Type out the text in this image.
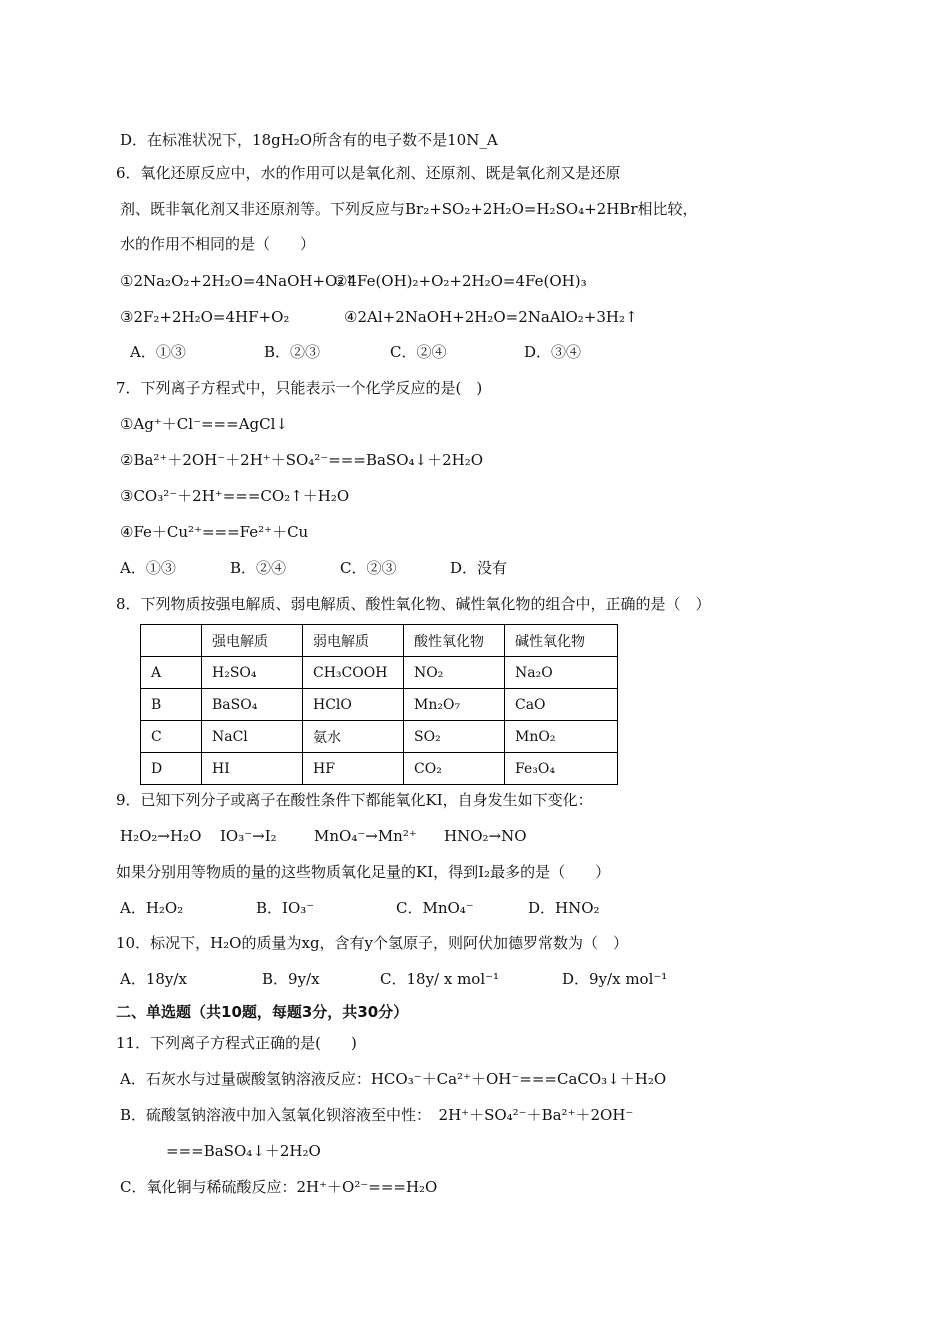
D．在标准状况下，18gH₂O所含有的电子数不是10N_A
6．氧化还原反应中，水的作用可以是氧化剂、还原剂、既是氧化剂又是还原
剂、既非氧化剂又非还原剂等。下列反应与Br₂+SO₂+2H₂O=H₂SO₄+2HBr相比较，
水的作用不相同的是（　　）
①2Na₂O₂+2H₂O=4NaOH+O₂↑
②4Fe(OH)₂+O₂+2H₂O=4Fe(OH)₃
③2F₂+2H₂O=4HF+O₂	④2Al+2NaOH+2H₂O=2NaAlO₂+3H₂↑
A．①③	B．②③	C．②④	D．③④
7．下列离子方程式中，只能表示一个化学反应的是(　)
①Ag⁺＋Cl⁻===AgCl↓
②Ba²⁺＋2OH⁻＋2H⁺＋SO₄²⁻===BaSO₄↓＋2H₂O
③CO₃²⁻＋2H⁺===CO₂↑＋H₂O
④Fe＋Cu²⁺===Fe²⁺＋Cu
A．①③	B．②④	C．②③	D．没有
8．下列物质按强电解质、弱电解质、酸性氧化物、碱性氧化物的组合中，正确的是（　）
	强电解质	弱电解质	酸性氧化物	碱性氧化物
A	H₂SO₄	CH₃COOH	NO₂	Na₂O
B	BaSO₄	HClO	Mn₂O₇	CaO
C	NaCl	氨水	SO₂	MnO₂
D	HI	HF	CO₂	Fe₃O₄
9．已知下列分子或离子在酸性条件下都能氧化KI，自身发生如下变化：
H₂O₂→H₂O IO₃⁻→I₂ MnO₄⁻→Mn²⁺ HNO₂→NO
如果分别用等物质的量的这些物质氧化足量的KI，得到I₂最多的是（　　）
A．H₂O₂	B．IO₃⁻	C．MnO₄⁻	D．HNO₂
10．标况下，H₂O的质量为xg，含有y个氢原子，则阿伏加德罗常数为（　）
A．18y/x	B．9y/x	C．18y/ x mol⁻¹	D．9y/x mol⁻¹
二、单选题（共10题，每题3分，共30分）
11．下列离子方程式正确的是(　　)
A．石灰水与过量碳酸氢钠溶液反应：HCO₃⁻＋Ca²⁺＋OH⁻===CaCO₃↓＋H₂O
B．硫酸氢钠溶液中加入氢氧化钡溶液至中性：　2H⁺＋SO₄²⁻＋Ba²⁺＋2OH⁻
===BaSO₄↓＋2H₂O
C．氧化铜与稀硫酸反应：2H⁺＋O²⁻===H₂O
